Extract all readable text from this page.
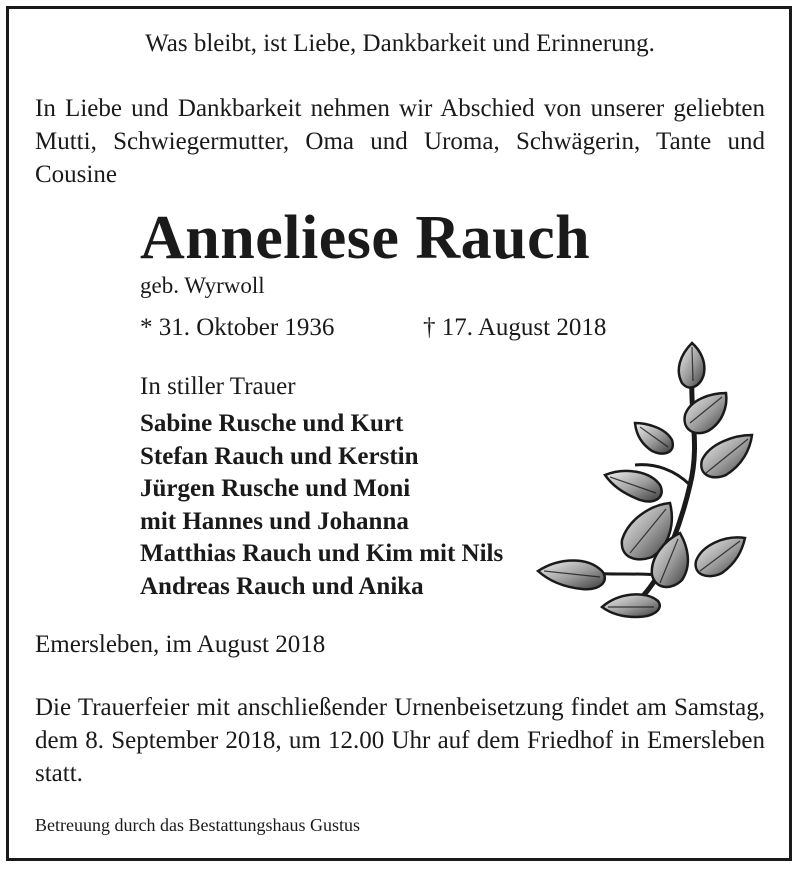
Was bleibt, ist Liebe, Dankbarkeit und Erinnerung.

In Liebe und Dankbarkeit nehmen wir Abschied von unserer geliebten Mutti, Schwiegermutter, Oma und Uroma, Schwägerin, Tante und Cousine

Anneliese Rauch

geb. Wyrwoll

* 31. Oktober 1936	† 17. August 2018

In stiller Trauer

Sabine Rusche und Kurt
Stefan Rauch und Kerstin
Jürgen Rusche und Moni
mit Hannes und Johanna
Matthias Rauch und Kim mit Nils
Andreas Rauch und Anika

Emersleben, im August 2018

Die Trauerfeier mit anschließender Urnenbeisetzung findet am Samstag, dem 8. September 2018, um 12.00 Uhr auf dem Friedhof in Emersleben statt.

Betreuung durch das Bestattungshaus Gustus
